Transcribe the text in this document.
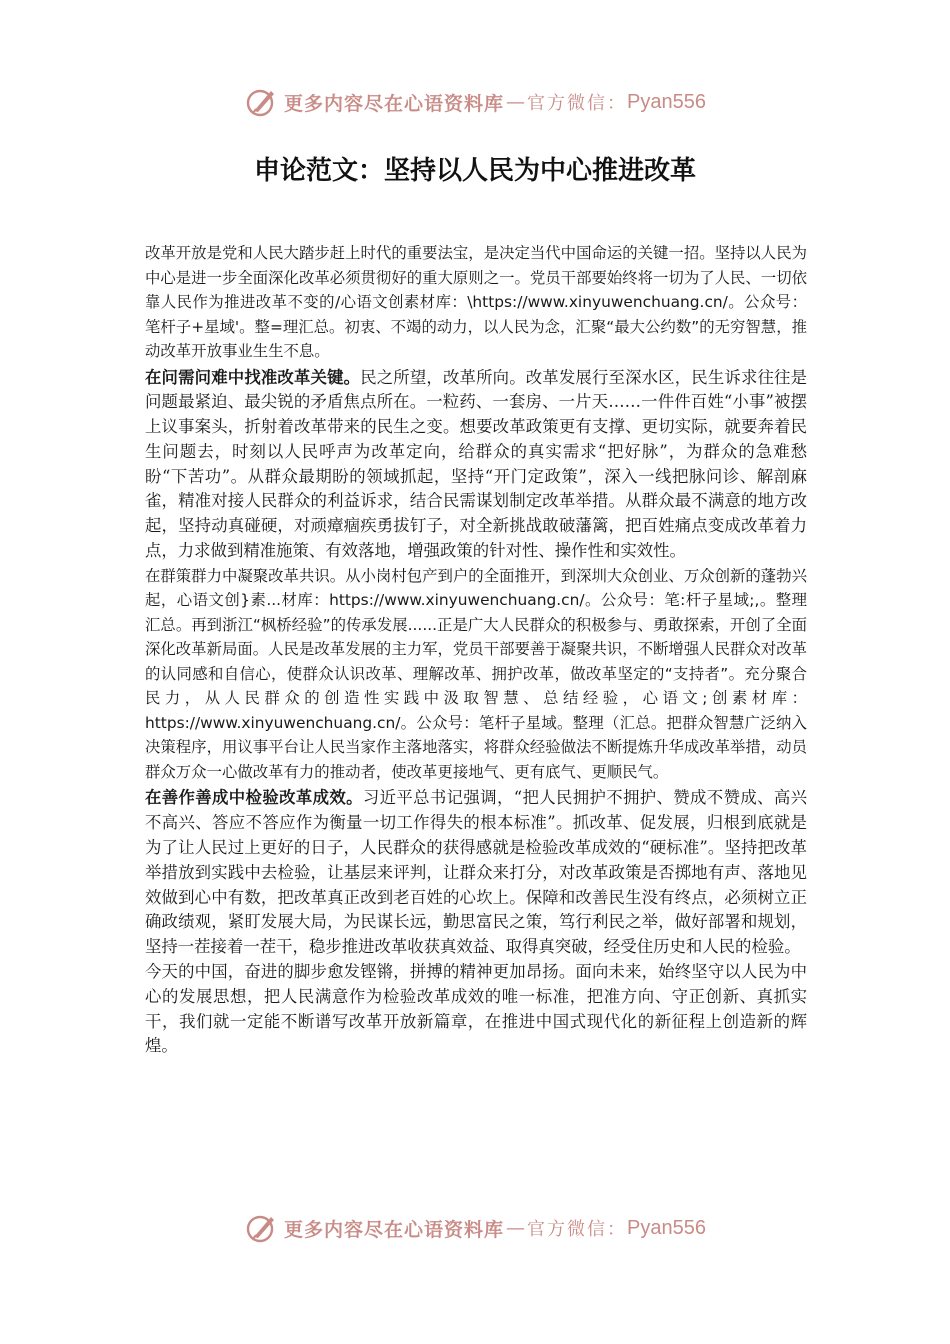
更多内容尽在心语资料库 — 官方微信： Pyan556
申论范文：坚持以人民为中心推进改革

改革开放是党和人民大踏步赶上时代的重要法宝，是决定当代中国命运的关键一招。坚持以人民为中心是进一步全面深化改革必须贯彻好的重大原则之一。党员干部要始终将一切为了人民、一切依靠人民作为推进改革不变的/心语文创素材库：\https://www.xinyuwenchuang.cn/。公众号：笔杆子+星域'。整=理汇总。初衷、不竭的动力，以人民为念，汇聚“最大公约数”的无穷智慧，推动改革开放事业生生不息。

在问需问难中找准改革关键。民之所望，改革所向。改革发展行至深水区，民生诉求往往是问题最紧迫、最尖锐的矛盾焦点所在。一粒药、一套房、一片天……一件件百姓“小事”被摆上议事案头，折射着改革带来的民生之变。想要改革政策更有支撑、更切实际，就要奔着民生问题去，时刻以人民呼声为改革定向，给群众的真实需求“把好脉”，为群众的急难愁盼“下苦功”。从群众最期盼的领域抓起，坚持“开门定政策”，深入一线把脉问诊、解剖麻雀，精准对接人民群众的利益诉求，结合民需谋划制定改革举措。从群众最不满意的地方改起，坚持动真碰硬，对顽瘴痼疾勇拔钉子，对全新挑战敢破藩篱，把百姓痛点变成改革着力点，力求做到精准施策、有效落地，增强政策的针对性、操作性和实效性。

在群策群力中凝聚改革共识。从小岗村包产到户的全面推开，到深圳大众创业、万众创新的蓬勃兴起，心语文创}素...材库：https://www.xinyuwenchuang.cn/。公众号：笔:杆子星域;,。整理汇总。再到浙江“枫桥经验”的传承发展......正是广大人民群众的积极参与、勇敢探索，开创了全面深化改革新局面。人民是改革发展的主力军，党员干部要善于凝聚共识，不断增强人民群众对改革的认同感和自信心，使群众认识改革、理解改革、拥护改革，做改革坚定的“支持者”。充分聚合民力，从人民群众的创造性实践中汲取智慧、总结经验，心语文;创素材库：https://www.xinyuwenchuang.cn/。公众号：笔杆子星域。整理（汇总。把群众智慧广泛纳入决策程序，用议事平台让人民当家作主落地落实，将群众经验做法不断提炼升华成改革举措，动员群众万众一心做改革有力的推动者，使改革更接地气、更有底气、更顺民气。

在善作善成中检验改革成效。习近平总书记强调，“把人民拥护不拥护、赞成不赞成、高兴不高兴、答应不答应作为衡量一切工作得失的根本标准”。抓改革、促发展，归根到底就是为了让人民过上更好的日子，人民群众的获得感就是检验改革成效的“硬标准”。坚持把改革举措放到实践中去检验，让基层来评判，让群众来打分，对改革政策是否掷地有声、落地见效做到心中有数，把改革真正改到老百姓的心坎上。保障和改善民生没有终点，必须树立正确政绩观，紧盯发展大局，为民谋长远，勤思富民之策，笃行利民之举，做好部署和规划，坚持一茬接着一茬干，稳步推进改革收获真效益、取得真突破，经受住历史和人民的检验。

今天的中国，奋进的脚步愈发铿锵，拼搏的精神更加昂扬。面向未来，始终坚守以人民为中心的发展思想，把人民满意作为检验改革成效的唯一标准，把准方向、守正创新、真抓实干，我们就一定能不断谱写改革开放新篇章，在推进中国式现代化的新征程上创造新的辉煌。

更多内容尽在心语资料库 — 官方微信： Pyan556
